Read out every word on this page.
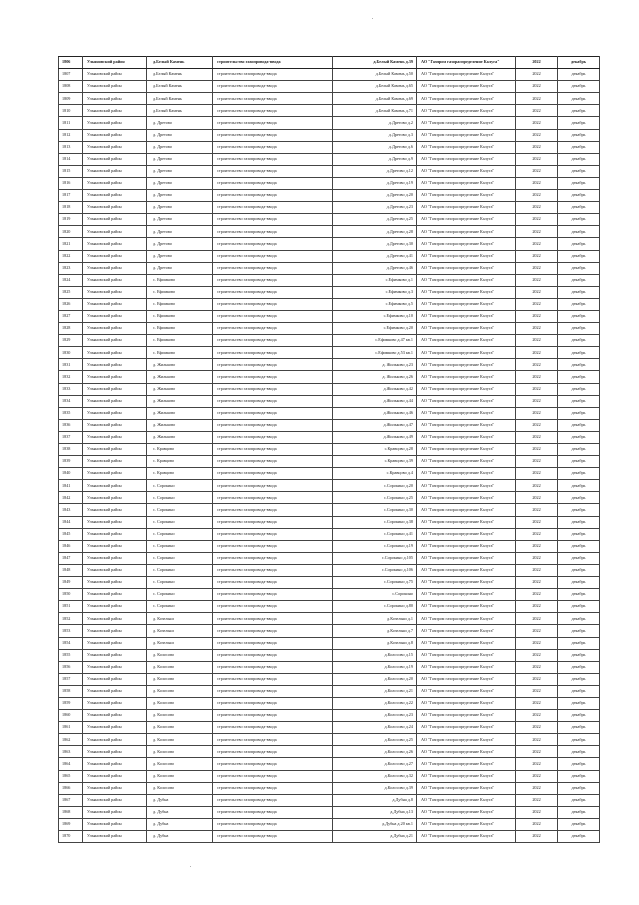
1806	Ульяновский район	д.Белый Камень	строительство газопровода-ввода	д.Белый Камень д.39	АО "Газпром газораспределение Калуга"	2022	декабрь
1807	Ульяновский район	д.Белый Камень	строительство газопровода-ввода	д.Белый Камень д.50	АО "Газпром газораспределение Калуга"	2022	декабрь
1808	Ульяновский район	д.Белый Камень	строительство газопровода-ввода	д.Белый Камень д.65	АО "Газпром газораспределение Калуга"	2022	декабрь
1809	Ульяновский район	д.Белый Камень	строительство газопровода-ввода	д.Белый Камень д.69	АО "Газпром газораспределение Калуга"	2022	декабрь
1810	Ульяновский район	д.Белый Камень	строительство газопровода-ввода	д.Белый Камень д.71	АО "Газпром газораспределение Калуга"	2022	декабрь
1811	Ульяновский район	д. Дретово	строительство газопровода-ввода	д.Дретово д.2	АО "Газпром газораспределение Калуга"	2022	декабрь
1812	Ульяновский район	д. Дретово	строительство газопровода-ввода	д.Дретово д.3	АО "Газпром газораспределение Калуга"	2022	декабрь
1813	Ульяновский район	д. Дретово	строительство газопровода-ввода	д.Дретово д.6	АО "Газпром газораспределение Калуга"	2022	декабрь
1814	Ульяновский район	д. Дретово	строительство газопровода-ввода	д.Дретово д.9	АО "Газпром газораспределение Калуга"	2022	декабрь
1815	Ульяновский район	д. Дретово	строительство газопровода-ввода	д.Дретово д.12	АО "Газпром газораспределение Калуга"	2022	декабрь
1816	Ульяновский район	д. Дретово	строительство газопровода-ввода	д.Дретово д.19	АО "Газпром газораспределение Калуга"	2022	декабрь
1817	Ульяновский район	д. Дретово	строительство газопровода-ввода	д.Дретово д.20	АО "Газпром газораспределение Калуга"	2022	декабрь
1818	Ульяновский район	д. Дретово	строительство газопровода-ввода	д.Дретово д.23	АО "Газпром газораспределение Калуга"	2022	декабрь
1819	Ульяновский район	д. Дретово	строительство газопровода-ввода	д.Дретово д.25	АО "Газпром газораспределение Калуга"	2022	декабрь
1820	Ульяновский район	д. Дретово	строительство газопровода-ввода	д.Дретово д.28	АО "Газпром газораспределение Калуга"	2022	декабрь
1821	Ульяновский район	д. Дретово	строительство газопровода-ввода	д.Дретово д.30	АО "Газпром газораспределение Калуга"	2022	декабрь
1822	Ульяновский район	д. Дретово	строительство газопровода-ввода	д.Дретово д.41	АО "Газпром газораспределение Калуга"	2022	декабрь
1823	Ульяновский район	д. Дретово	строительство газопровода-ввода	д.Дретово д.46	АО "Газпром газораспределение Калуга"	2022	декабрь
1824	Ульяновский район	с. Ефимково	строительство газопровода-ввода	с.Ефимково д.1	АО "Газпром газораспределение Калуга"	2022	декабрь
1825	Ульяновский район	с. Ефимково	строительство газопровода-ввода	с.Ефимково д.3	АО "Газпром газораспределение Калуга"	2022	декабрь
1826	Ульяновский район	с. Ефимково	строительство газопровода-ввода	с.Ефимково д.5	АО "Газпром газораспределение Калуга"	2022	декабрь
1827	Ульяновский район	с. Ефимково	строительство газопровода-ввода	с.Ефимково д.10	АО "Газпром газораспределение Калуга"	2022	декабрь
1828	Ульяновский район	с. Ефимково	строительство газопровода-ввода	с.Ефимково д.20	АО "Газпром газораспределение Калуга"	2022	декабрь
1829	Ульяновский район	с. Ефимково	строительство газопровода-ввода	с.Ефимково д.47 кв.1	АО "Газпром газораспределение Калуга"	2022	декабрь
1830	Ульяновский район	с. Ефимково	строительство газопровода-ввода	с.Ефимково д.53 кв.1	АО "Газпром газораспределение Калуга"	2022	декабрь
1831	Ульяновский район	д. Жильково	строительство газопровода-ввода	д. Жильково д.23	АО "Газпром газораспределение Калуга"	2022	декабрь
1832	Ульяновский район	д. Жильково	строительство газопровода-ввода	д. Жильково д.26	АО "Газпром газораспределение Калуга"	2022	декабрь
1833	Ульяновский район	д. Жильково	строительство газопровода-ввода	д.Жильково д.42	АО "Газпром газораспределение Калуга"	2022	декабрь
1834	Ульяновский район	д. Жильково	строительство газопровода-ввода	д.Жильково д.44	АО "Газпром газораспределение Калуга"	2022	декабрь
1835	Ульяновский район	д. Жильково	строительство газопровода-ввода	д.Жильково д.46	АО "Газпром газораспределение Калуга"	2022	декабрь
1836	Ульяновский район	д. Жильково	строительство газопровода-ввода	д.Жильково д.47	АО "Газпром газораспределение Калуга"	2022	декабрь
1837	Ульяновский район	д. Жильково	строительство газопровода-ввода	д.Жильково д.49	АО "Газпром газораспределение Калуга"	2022	декабрь
1838	Ульяновский район	с. Кравцово	строительство газопровода-ввода	с.Кравцово д.28	АО "Газпром газораспределение Калуга"	2022	декабрь
1839	Ульяновский район	с. Кравцово	строительство газопровода-ввода	с.Кравцово д.39	АО "Газпром газораспределение Калуга"	2022	декабрь
1840	Ульяновский район	с. Кравцово	строительство газопровода-ввода	с.Кравцово д.4	АО "Газпром газораспределение Калуга"	2022	декабрь
1841	Ульяновский район	с. Сорокино	строительство газопровода-ввода	с.Сорокино д.20	АО "Газпром газораспределение Калуга"	2022	декабрь
1842	Ульяновский район	с. Сорокино	строительство газопровода-ввода	с.Сорокино д.25	АО "Газпром газораспределение Калуга"	2022	декабрь
1843	Ульяновский район	с. Сорокино	строительство газопровода-ввода	с.Сорокино д.30	АО "Газпром газораспределение Калуга"	2022	декабрь
1844	Ульяновский район	с. Сорокино	строительство газопровода-ввода	с.Сорокино д.38	АО "Газпром газораспределение Калуга"	2022	декабрь
1845	Ульяновский район	с. Сорокино	строительство газопровода-ввода	с.Сорокино д.41	АО "Газпром газораспределение Калуга"	2022	декабрь
1846	Ульяновский район	с. Сорокино	строительство газопровода-ввода	с.Сорокино д.19	АО "Газпром газораспределение Калуга"	2022	декабрь
1847	Ульяновский район	с. Сорокино	строительство газопровода-ввода	с.Сорокино д.105	АО "Газпром газораспределение Калуга"	2022	декабрь
1848	Ульяновский район	с. Сорокино	строительство газопровода-ввода	с.Сорокино д.106	АО "Газпром газораспределение Калуга"	2022	декабрь
1849	Ульяновский район	с. Сорокино	строительство газопровода-ввода	с.Сорокино д.75	АО "Газпром газораспределение Калуга"	2022	декабрь
1850	Ульяновский район	с. Сорокино	строительство газопровода-ввода	с.Сорокино	АО "Газпром газораспределение Калуга"	2022	декабрь
1851	Ульяновский район	с. Сорокино	строительство газопровода-ввода	с.Сорокино д.80	АО "Газпром газораспределение Калуга"	2022	декабрь
1852	Ульяновский район	д. Козельки	строительство газопровода-ввода	д.Козельки д.1	АО "Газпром газораспределение Калуга"	2022	декабрь
1853	Ульяновский район	д. Козельки	строительство газопровода-ввода	д.Козельки д.7	АО "Газпром газораспределение Калуга"	2022	декабрь
1854	Ульяновский район	д. Козельки	строительство газопровода-ввода	д.Козельки д.8	АО "Газпром газораспределение Калуга"	2022	декабрь
1855	Ульяновский район	д. Колосово	строительство газопровода-ввода	д.Колосово д.15	АО "Газпром газораспределение Калуга"	2022	декабрь
1856	Ульяновский район	д. Колосово	строительство газопровода-ввода	д.Колосово д.19	АО "Газпром газораспределение Калуга"	2022	декабрь
1857	Ульяновский район	д. Колосово	строительство газопровода-ввода	д.Колосово д.20	АО "Газпром газораспределение Калуга"	2022	декабрь
1858	Ульяновский район	д. Колосово	строительство газопровода-ввода	д.Колосово д.21	АО "Газпром газораспределение Калуга"	2022	декабрь
1859	Ульяновский район	д. Колосово	строительство газопровода-ввода	д.Колосово д.22	АО "Газпром газораспределение Калуга"	2022	декабрь
1860	Ульяновский район	д. Колосово	строительство газопровода-ввода	д.Колосово д.23	АО "Газпром газораспределение Калуга"	2022	декабрь
1861	Ульяновский район	д. Колосово	строительство газопровода-ввода	д.Колосово д.24	АО "Газпром газораспределение Калуга"	2022	декабрь
1862	Ульяновский район	д. Колосово	строительство газопровода-ввода	д.Колосово д.25	АО "Газпром газораспределение Калуга"	2022	декабрь
1863	Ульяновский район	д. Колосово	строительство газопровода-ввода	д.Колосово д.26	АО "Газпром газораспределение Калуга"	2022	декабрь
1864	Ульяновский район	д. Колосово	строительство газопровода-ввода	д.Колосово д.27	АО "Газпром газораспределение Калуга"	2022	декабрь
1865	Ульяновский район	д. Колосово	строительство газопровода-ввода	д.Колосово д.32	АО "Газпром газораспределение Калуга"	2022	декабрь
1866	Ульяновский район	д. Колосово	строительство газопровода-ввода	д.Колосово д.39	АО "Газпром газораспределение Калуга"	2022	декабрь
1867	Ульяновский район	д. Дубна	строительство газопровода-ввода	д.Дубна д.8	АО "Газпром газораспределение Калуга"	2022	декабрь
1868	Ульяновский район	д. Дубна	строительство газопровода-ввода	д.Дубна д.13	АО "Газпром газораспределение Калуга"	2022	декабрь
1869	Ульяновский район	д. Дубна	строительство газопровода-ввода	д.Дубна д.20 кв.1	АО "Газпром газораспределение Калуга"	2022	декабрь
1870	Ульяновский район	д. Дубна	строительство газопровода-ввода	д.Дубна д.21	АО "Газпром газораспределение Калуга"	2022	декабрь
